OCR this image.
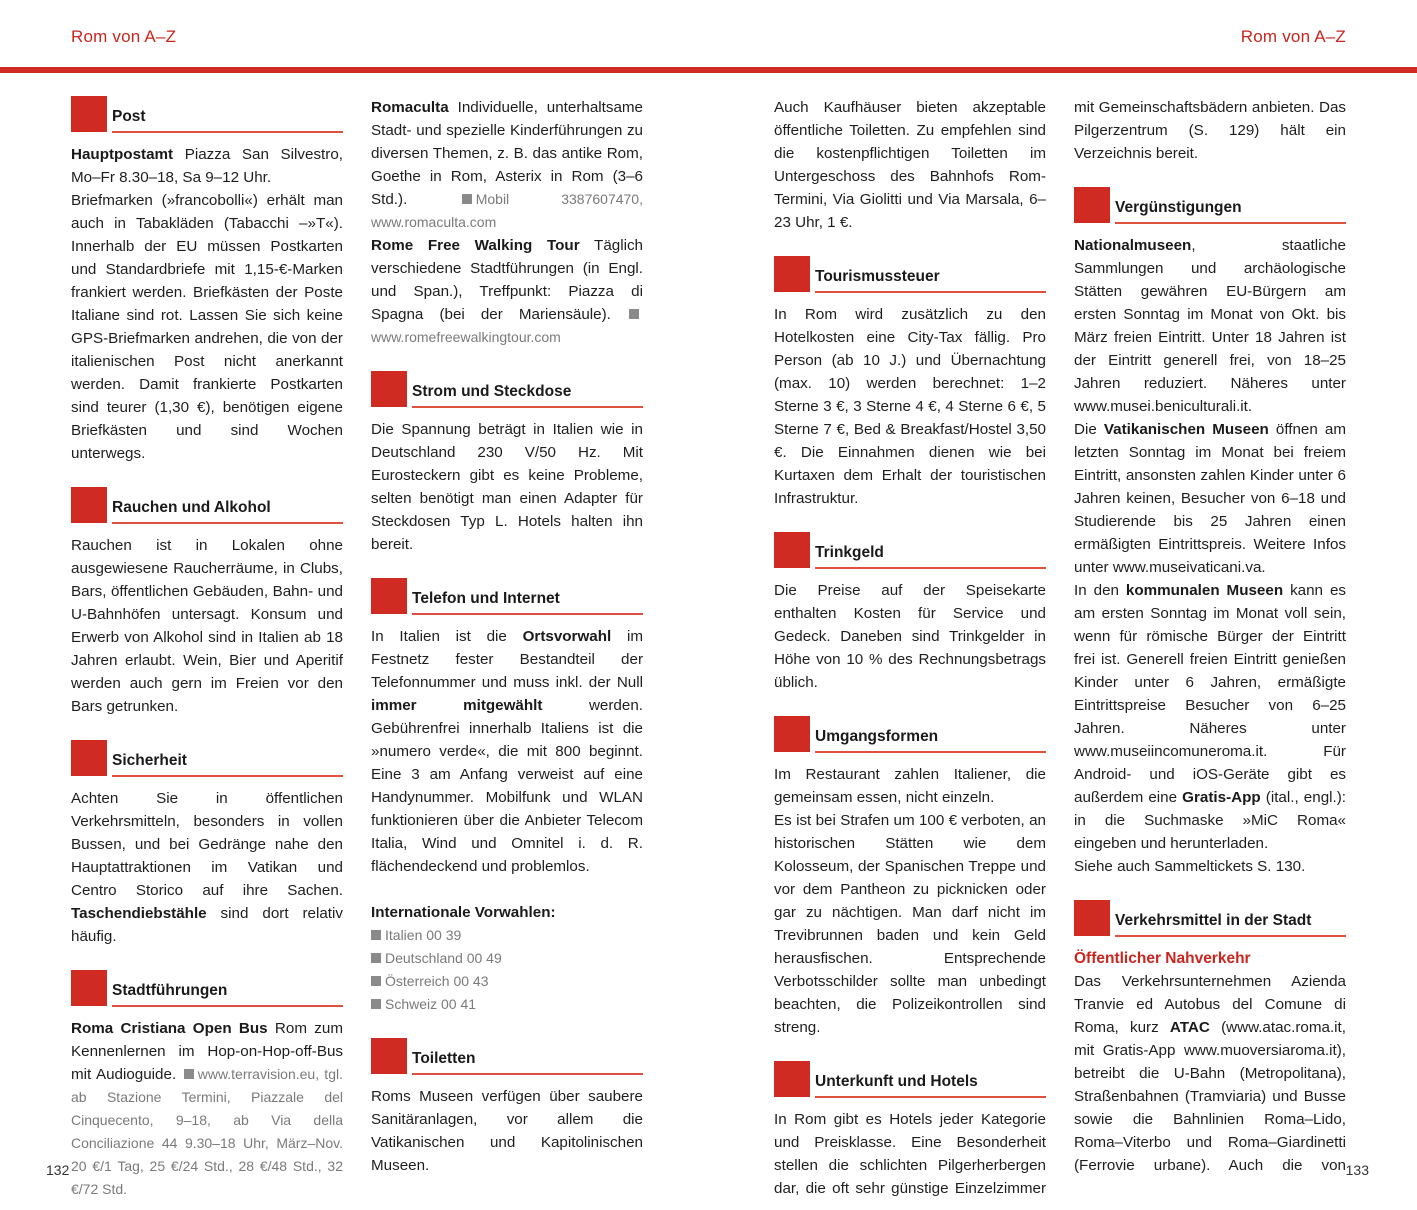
Rom von A–Z	Rom von A–Z
Post

Hauptpostamt Piazza San Silvestro, Mo–Fr 8.30–18, Sa 9–12 Uhr.

Briefmarken (»francobolli«) erhält man auch in Tabakläden (Tabacchi –»T«). Innerhalb der EU müssen Postkarten und Standardbriefe mit 1,15-€-Marken frankiert werden. Briefkästen der Poste Italiane sind rot. Lassen Sie sich keine GPS-Briefmarken andrehen, die von der italienischen Post nicht anerkannt werden. Damit frankierte Postkarten sind teurer (1,30 €), benötigen eigene Briefkästen und sind Wochen unterwegs.

Rauchen und Alkohol

Rauchen ist in Lokalen ohne ausgewiesene Raucherräume, in Clubs, Bars, öffentlichen Gebäuden, Bahn- und U-Bahnhöfen untersagt. Konsum und Erwerb von Alkohol sind in Italien ab 18 Jahren erlaubt. Wein, Bier und Aperitif werden auch gern im Freien vor den Bars getrunken.

Sicherheit

Achten Sie in öffentlichen Verkehrsmitteln, besonders in vollen Bussen, und bei Gedränge nahe den Hauptattraktionen im Vatikan und Centro Storico auf ihre Sachen. Taschendiebstähle sind dort relativ häufig.

Stadtführungen

Roma Cristiana Open Bus Rom zum Kennenlernen im Hop-on-Hop-off-Bus mit Audioguide. www.terravision.eu, tgl. ab Stazione Termini, Piazzale del Cinquecento, 9–18, ab Via della Conciliazione 44 9.30–18 Uhr, März–Nov. 20 €/1 Tag, 25 €/24 Std., 28 €/48 Std., 32 €/72 Std.

Romaculta Individuelle, unterhaltsame Stadt- und spezielle Kinderführungen zu diversen Themen, z. B. das antike Rom, Goethe in Rom, Asterix in Rom (3–6 Std.). Mobil 3387607470, www.romaculta.com

Rome Free Walking Tour Täglich verschiedene Stadtführungen (in Engl. und Span.), Treffpunkt: Piazza di Spagna (bei der Mariensäule). www.romefreewalkingtour.com

Strom und Steckdose

Die Spannung beträgt in Italien wie in Deutschland 230 V/50 Hz. Mit Eurosteckern gibt es keine Probleme, selten benötigt man einen Adapter für Steckdosen Typ L. Hotels halten ihn bereit.

Telefon und Internet

In Italien ist die Ortsvorwahl im Festnetz fester Bestandteil der Telefonnummer und muss inkl. der Null immer mitgewählt werden. Gebührenfrei innerhalb Italiens ist die »numero verde«, die mit 800 beginnt. Eine 3 am Anfang verweist auf eine Handynummer. Mobilfunk und WLAN funktionieren über die Anbieter Telecom Italia, Wind und Omnitel i. d. R. flächendeckend und problemlos.

Internationale Vorwahlen:
Italien 00 39
Deutschland 00 49
Österreich 00 43
Schweiz 00 41
Toiletten

Roms Museen verfügen über saubere Sanitäranlagen, vor allem die Vatikanischen und Kapitolinischen Museen.

Auch Kaufhäuser bieten akzeptable öffentliche Toiletten. Zu empfehlen sind die kostenpflichtigen Toiletten im Untergeschoss des Bahnhofs Rom-Termini, Via Giolitti und Via Marsala, 6–23 Uhr, 1 €.

Tourismussteuer

In Rom wird zusätzlich zu den Hotelkosten eine City-Tax fällig. Pro Person (ab 10 J.) und Übernachtung (max. 10) werden berechnet: 1–2 Sterne 3 €, 3 Sterne 4 €, 4 Sterne 6 €, 5 Sterne 7 €, Bed & Breakfast/Hostel 3,50 €. Die Einnahmen dienen wie bei Kurtaxen dem Erhalt der touristischen Infrastruktur.

Trinkgeld

Die Preise auf der Speisekarte enthalten Kosten für Service und Gedeck. Daneben sind Trinkgelder in Höhe von 10 % des Rechnungsbetrags üblich.

Umgangsformen

Im Restaurant zahlen Italiener, die gemeinsam essen, nicht einzeln.

Es ist bei Strafen um 100 € verboten, an historischen Stätten wie dem Kolosseum, der Spanischen Treppe und vor dem Pantheon zu picknicken oder gar zu nächtigen. Man darf nicht im Trevibrunnen baden und kein Geld herausfischen. Entsprechende Verbotsschilder sollte man unbedingt beachten, die Polizeikontrollen sind streng.

Unterkunft und Hotels

In Rom gibt es Hotels jeder Kategorie und Preisklasse. Eine Besonderheit stellen die schlichten Pilgerherbergen dar, die oft sehr günstige Einzelzimmer

mit Gemeinschaftsbädern anbieten. Das Pilgerzentrum (S. 129) hält ein Verzeichnis bereit.

Vergünstigungen

Nationalmuseen, staatliche Sammlungen und archäologische Stätten gewähren EU-Bürgern am ersten Sonntag im Monat von Okt. bis März freien Eintritt. Unter 18 Jahren ist der Eintritt generell frei, von 18–25 Jahren reduziert. Näheres unter www.musei.beniculturali.it.

Die Vatikanischen Museen öffnen am letzten Sonntag im Monat bei freiem Eintritt, ansonsten zahlen Kinder unter 6 Jahren keinen, Besucher von 6–18 und Studierende bis 25 Jahren einen ermäßigten Eintrittspreis. Weitere Infos unter www.museivaticani.va.

In den kommunalen Museen kann es am ersten Sonntag im Monat voll sein, wenn für römische Bürger der Eintritt frei ist. Generell freien Eintritt genießen Kinder unter 6 Jahren, ermäßigte Eintrittspreise Besucher von 6–25 Jahren. Näheres unter www.museiincomuneroma.it. Für Android- und iOS-Geräte gibt es außerdem eine Gratis-App (ital., engl.): in die Suchmaske »MiC Roma« eingeben und herunterladen.

Siehe auch Sammeltickets S. 130.

Verkehrsmittel in der Stadt
Öffentlicher Nahverkehr

Das Verkehrsunternehmen Azienda Tranvie ed Autobus del Comune di Roma, kurz ATAC (www.atac.roma.it, mit Gratis-App www.muoversiaroma.it), betreibt die U-Bahn (Metropolitana), Straßenbahnen (Tramviaria) und Busse sowie die Bahnlinien Roma–Lido, Roma–Viterbo und Roma–Giardinetti (Ferrovie urbane). Auch die von

132	133
